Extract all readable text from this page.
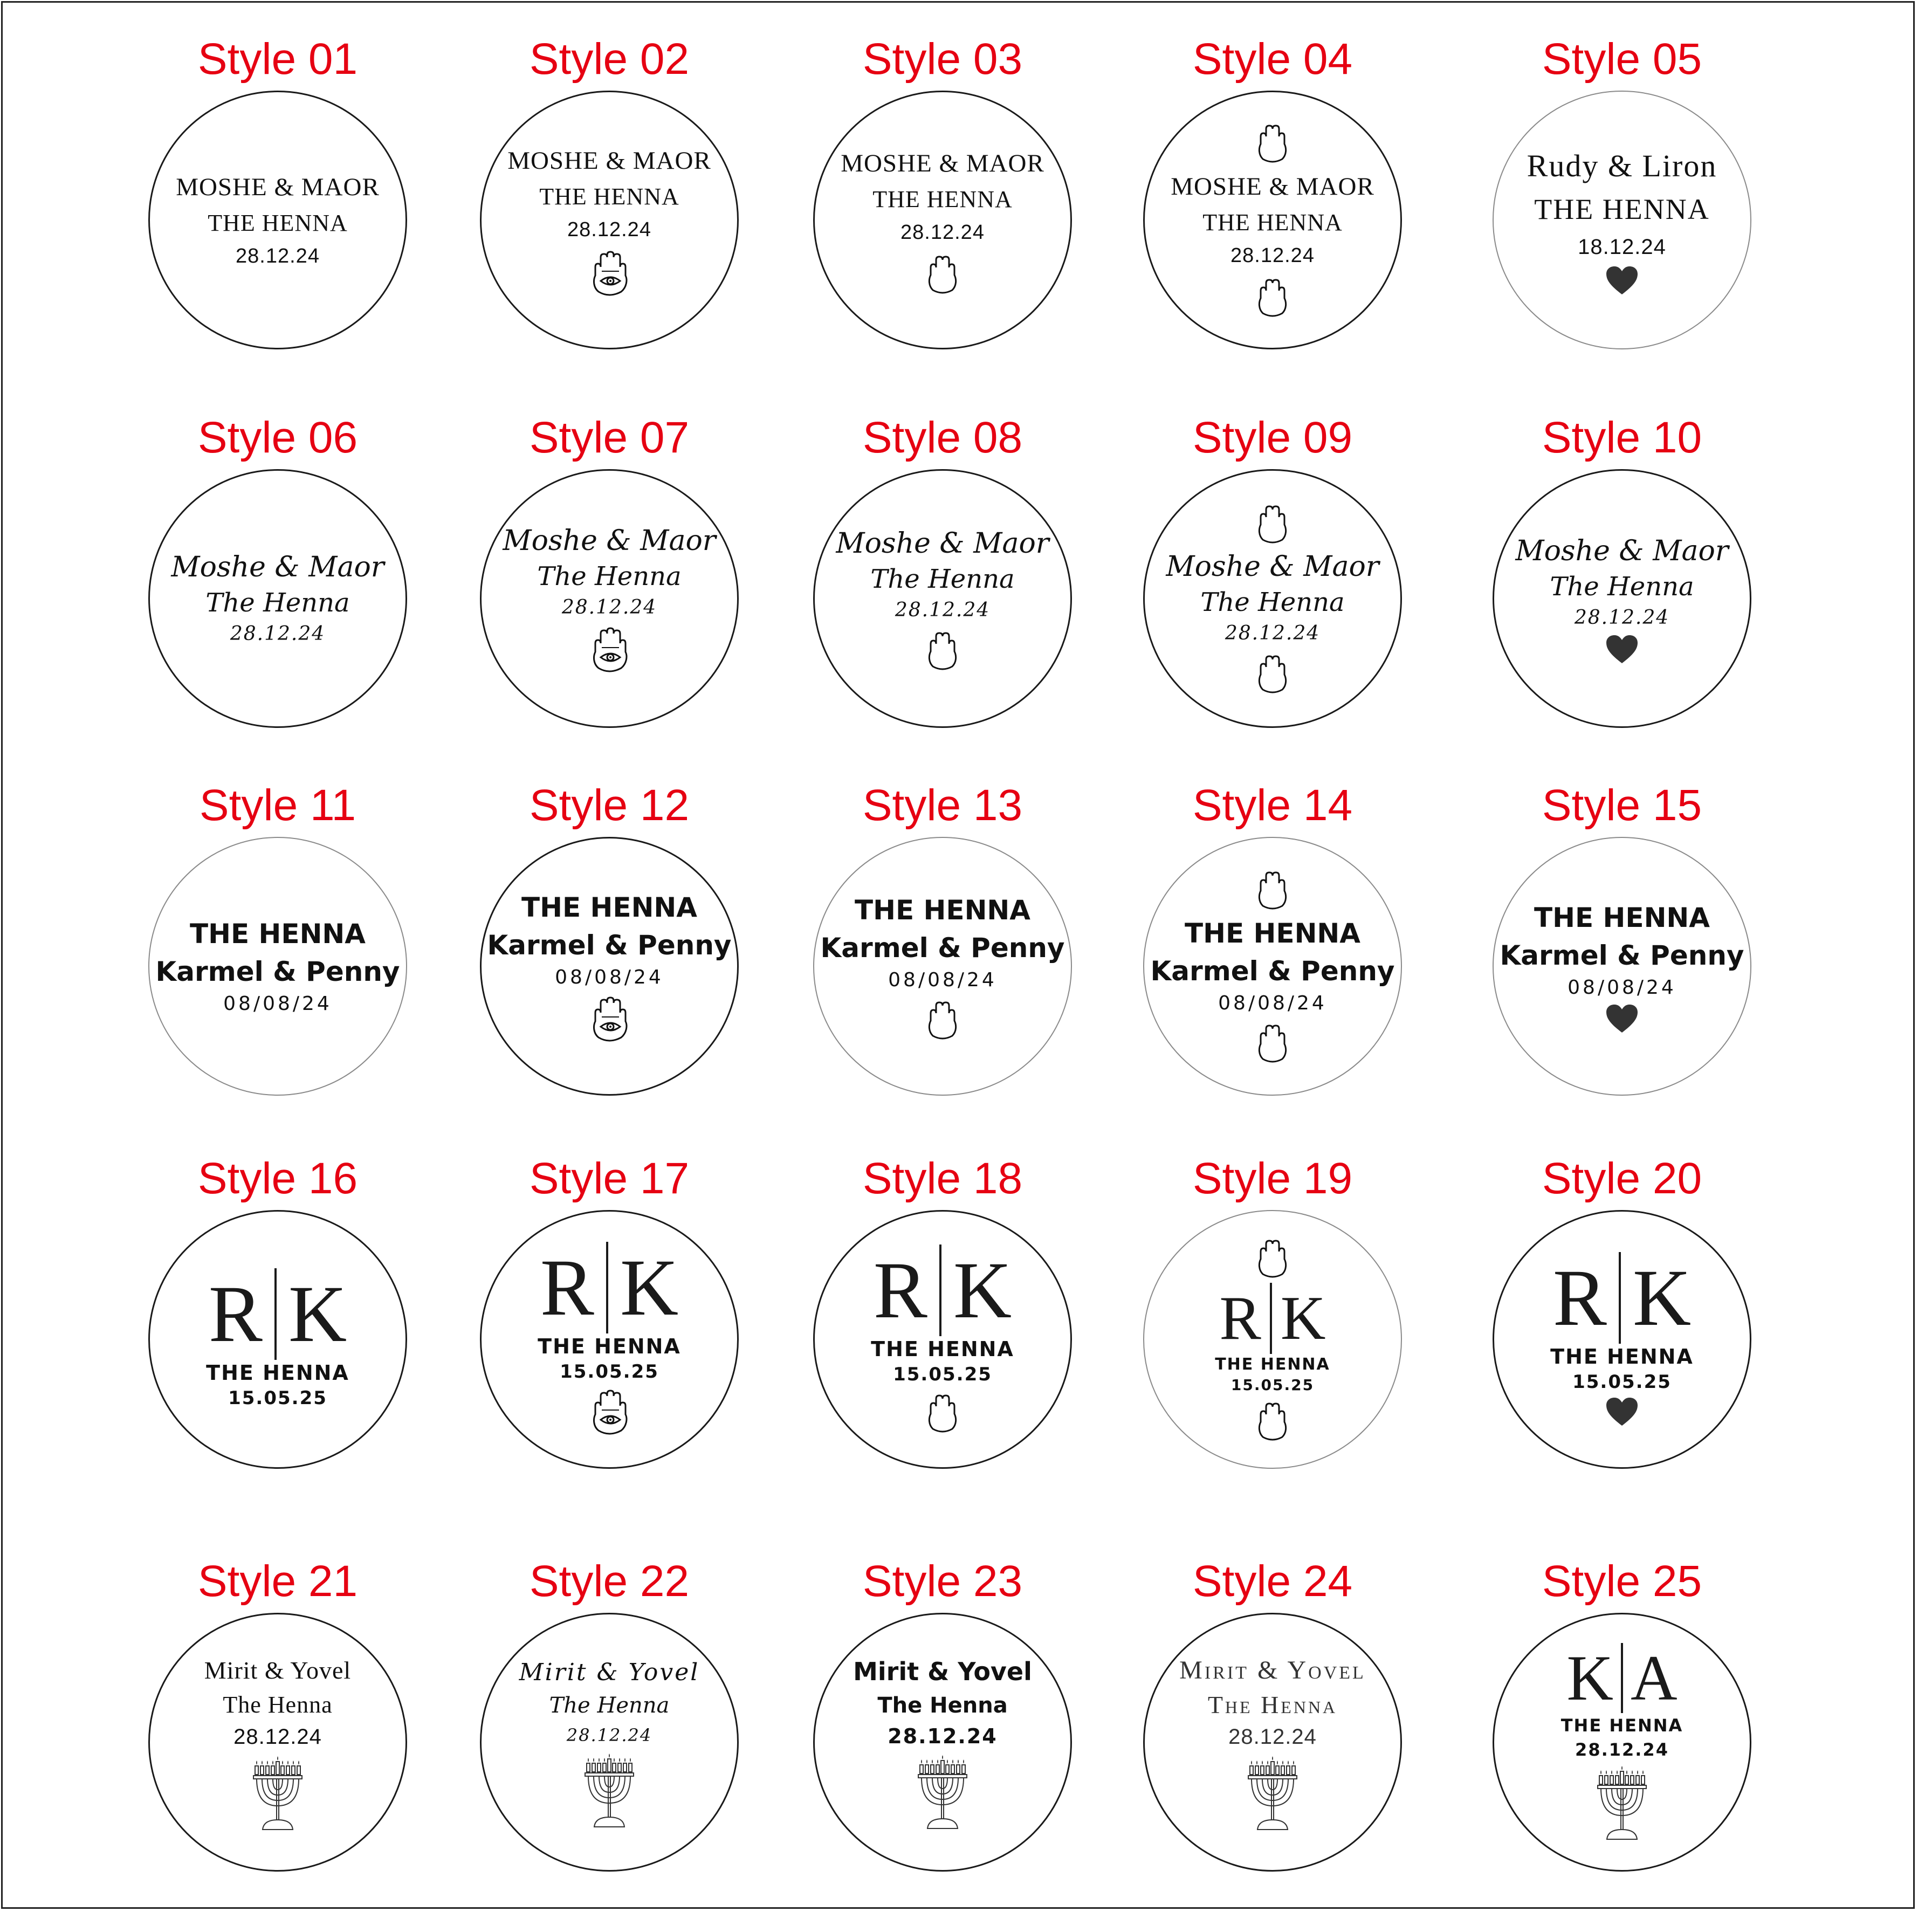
Style 01
MOSHE & MAOR
THE HENNA
28.12.24
Style 02
MOSHE & MAOR
THE HENNA
28.12.24
Style 03
MOSHE & MAOR
THE HENNA
28.12.24
Style 04
MOSHE & MAOR
THE HENNA
28.12.24
Style 05
Rudy & Liron
THE HENNA
18.12.24
Style 06
Moshe & Maor
The Henna
28.12.24
Style 07
Moshe & Maor
The Henna
28.12.24
Style 08
Moshe & Maor
The Henna
28.12.24
Style 09
Moshe & Maor
The Henna
28.12.24
Style 10
Moshe & Maor
The Henna
28.12.24
Style 11
THE HENNA
Karmel & Penny
08/08/24
Style 12
THE HENNA
Karmel & Penny
08/08/24
Style 13
THE HENNA
Karmel & Penny
08/08/24
Style 14
THE HENNA
Karmel & Penny
08/08/24
Style 15
THE HENNA
Karmel & Penny
08/08/24
Style 16
R K
THE HENNA
15.05.25
Style 17
R K
THE HENNA
15.05.25
Style 18
R K
THE HENNA
15.05.25
Style 19
R K
THE HENNA
15.05.25
Style 20
R K
THE HENNA
15.05.25
Style 21
Mirit & Yovel
The Henna
28.12.24
Style 22
Mirit & Yovel
The Henna
28.12.24
Style 23
Mirit & Yovel
The Henna
28.12.24
Style 24
Mirit & Yovel
The Henna
28.12.24
Style 25
K A
THE HENNA
28.12.24
